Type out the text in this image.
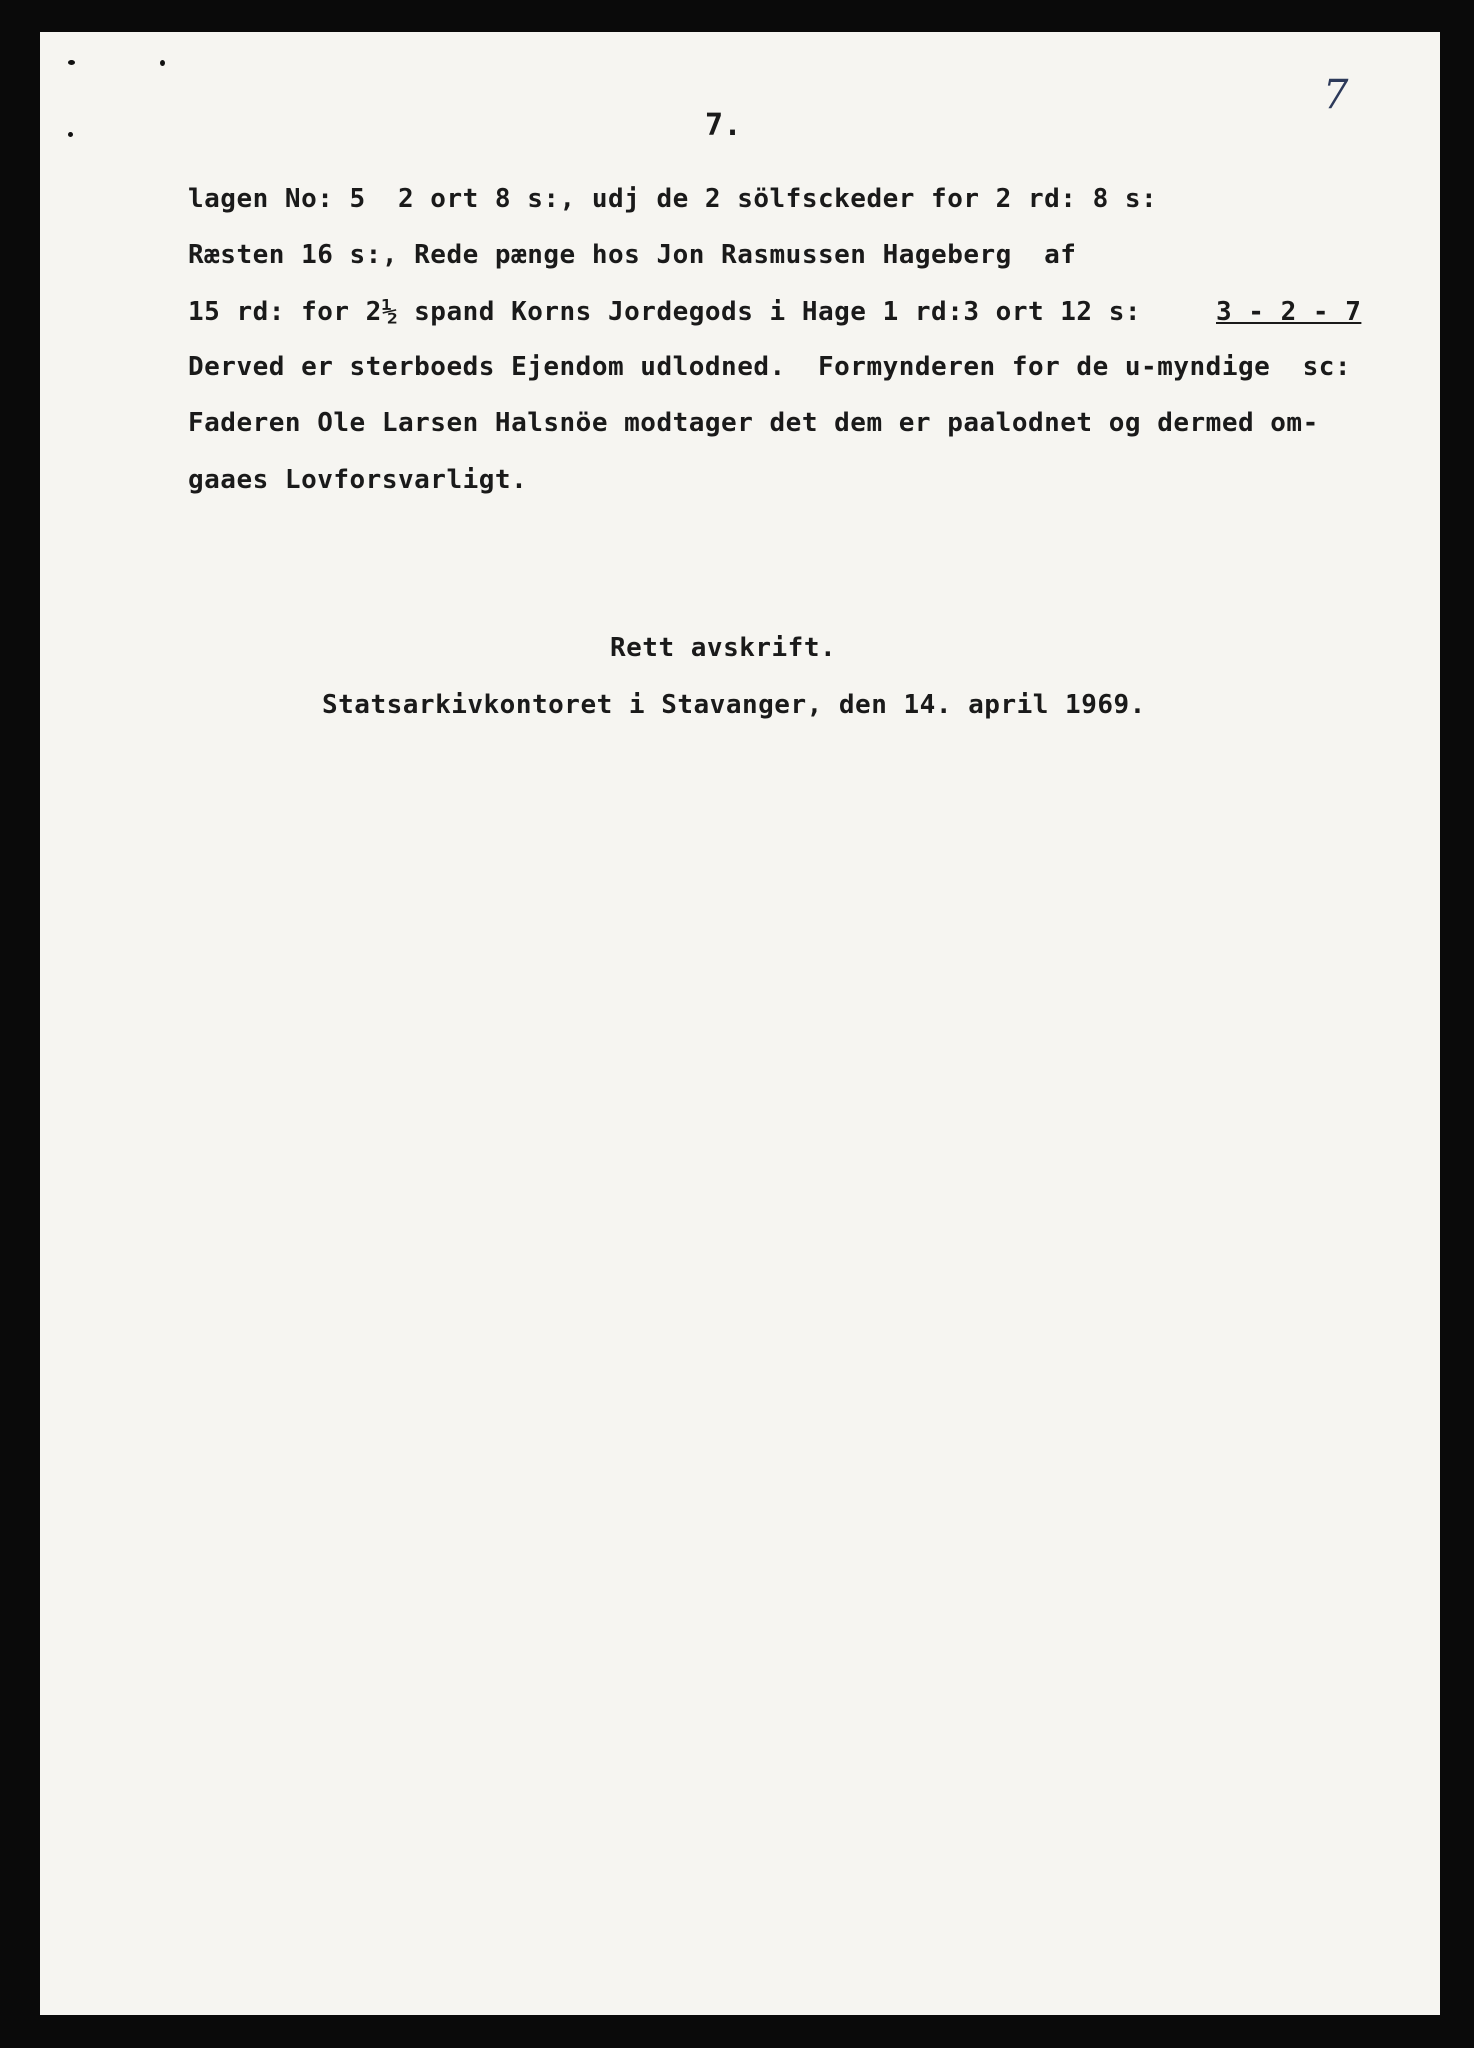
7.
7
lagen No: 5  2 ort 8 s:, udj de 2 sölfsckeder for 2 rd: 8 s:
Ræsten 16 s:, Rede pænge hos Jon Rasmussen Hageberg  af
15 rd: for 2½ spand Korns Jordegods i Hage 1 rd:3 ort 12 s:	3 - 2 - 7
Derved er sterboeds Ejendom udlodned.  Formynderen for de u-myndige  sc:
Faderen Ole Larsen Halsnöe modtager det dem er paalodnet og dermed om-
gaaes Lovforsvarligt.
Rett avskrift.
Statsarkivkontoret i Stavanger, den 14. april 1969.
